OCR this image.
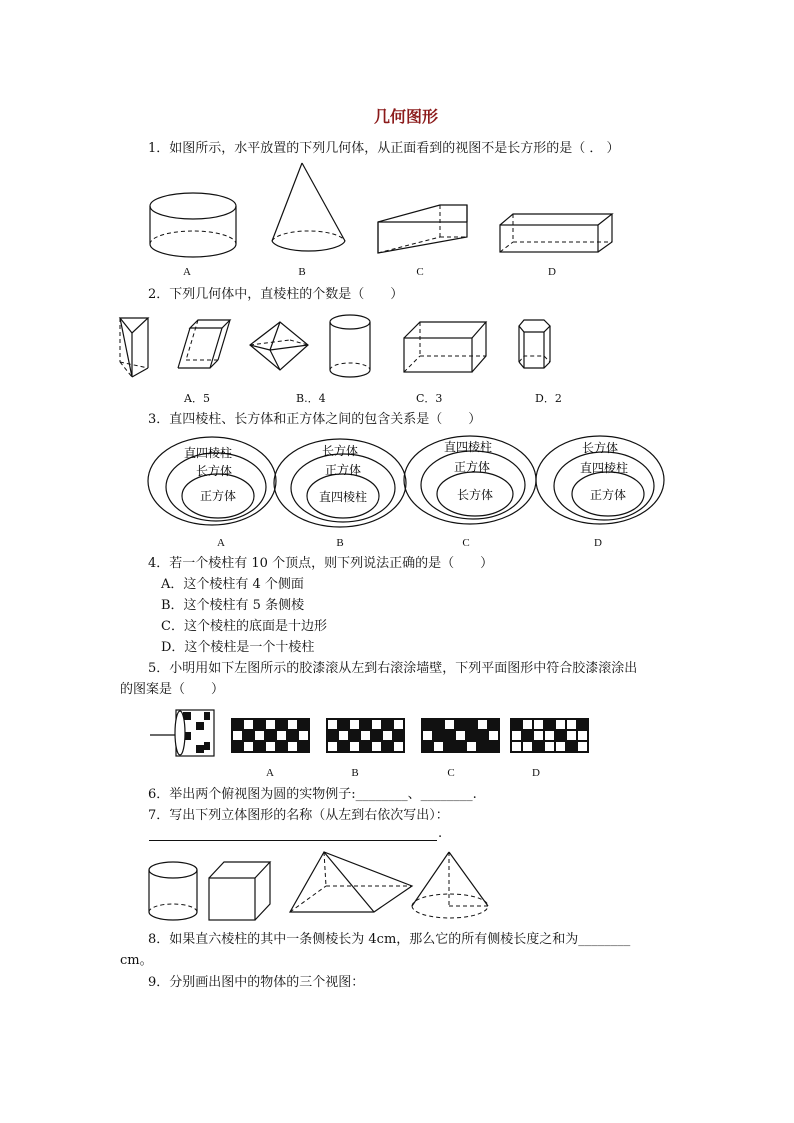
几何图形
1．如图所示，水平放置的下列几何体，从正面看到的视图不是长方形的是（ ． ）
A	B	C	D
2．下列几何体中，直棱柱的个数是（　　）
A．5	B.．4	C．3	D．2
3．直四棱柱、长方体和正方体之间的包含关系是（　　）
直四棱柱
长方体
正方体
长方体
正方体
直四棱柱
直四棱柱
正方体
长方体
长方体
直四棱柱
正方体
A	B	C	D
4．若一个棱柱有 10 个顶点，则下列说法正确的是（　　）
A．这个棱柱有 4 个侧面
B．这个棱柱有 5 条侧棱
C．这个棱柱的底面是十边形
D．这个棱柱是一个十棱柱
5．小明用如下左图所示的胶漆滚从左到右滚涂墙壁，下列平面图形中符合胶漆滚涂出
的图案是（　　）
A	B	C	D
6．举出两个俯视图为圆的实物例子:________、________.
7．写出下列立体图形的名称（从左到右依次写出）：
.
8．如果直六棱柱的其中一条侧棱长为 4cm，那么它的所有侧棱长度之和为________
cm。
9．分别画出图中的物体的三个视图：
